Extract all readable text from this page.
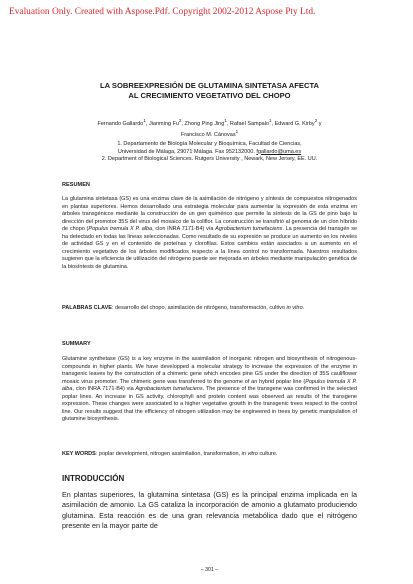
Evaluation Only. Created with Aspose.Pdf. Copyright 2002-2012 Aspose Pty Ltd.
LA SOBREEXPRESIÓN DE GLUTAMINA SINTETASA AFECTA
AL CRECIMIENTO VEGETATIVO DEL CHOPO
Fernando Gallardo$^1$, Jianming Fu$^2$, Zhong Ping Jing$^1$, Rafael Sampalo$^1$, Edward G. Kirby$^2$ y
Francisco M. Cánovas$^1$
1. Departamento de Biología Molecular y Bioquímica, Facultad de Ciencias,
Universidad de Málaga, 29071 Málaga. Fax 952132000. fgallardo@uma.es
2. Department of Biological Sciences. Rutgers University , Newark, New Jersey, EE. UU.
RESUMEN

La glutamina sintetasa (GS) es una enzima clave de la asimilación de nitrógeno y síntesis de compuestos nitrogenados en plantas superiores. Hemos desarrollado una estrategia molecular para aumentar la expresión de esta enzima en árboles transgénicos mediante la construcción de un gen quimérico que permite la síntesis de la GS de pino bajo la dirección del promotor 35S del virus del mosaico de la coliflor. La construcción se transfirió al genoma de un clon híbrido de chopo (Populus tremula X P. alba, clon INRA 7171-B4) vía Agrobacterium tumefaciens. La presencia del transgén se ha detectado en todas las líneas seleccionadas. Como resultado de su expresión se produce un aumento en los niveles de actividad GS y en el contenido de proteínas y clorofilas. Estos cambios están asociados a un aumento en el crecimiento vegetativo de los árboles modificados respecto a la línea control no transformada. Nuestros resultados sugieren que la eficiencia de utilización del nitrógeno puede ser mejorada en árboles mediante manipulación genética de la biosíntesis de glutamina.

PALABRAS CLAVE: desarrollo del chopo, asimilación de nitrógeno, transformación, cultivo in vitro.

SUMMARY

Glutamine synthetase (GS) is a key enzyme in the assimilation of inorganic nitrogen and biosynthesis of nitrogenous-compounds in higher plants. We have developped a molecular strategy to increase the expression of the enzyme in transgenic leaves by the construction of a chimeric gene which encodes pine GS under the direction of 35S cauliflower mosaic virus promoter. The chimeric gene was transferred to the genome of an hybrid poplar line (Populus tremula X P. alba, clon INRA 7171-B4) via Agrobacterium tumefaciens. The presence of the transgene was confirmed in the selected poplar lines. An increase in GS activity, chlorophyll and protein content was observed as results of the transgene expression. These changes were associated to a higher vegetative growth in the transgenic trees respect to the control line. Our results suggest that the efficiency of nitrogen utilization may be engineered in trees by genetic manipulation of glutamine biosynthesis.

KEY WORDS: poplar development, nitrogen assimilation, transformation, in vitro culture.

INTRODUCCIÓN

En plantas superiores, la glutamina sintetasa (GS) es la principal enzima implicada en la asimilación de amonio. La GS cataliza la incorporación de amonio a glutamato produciendo glutamina. Esta reacción es de una gran relevancia metabólica dado que el nitrógeno presente en la mayor parte de

– 301 –
